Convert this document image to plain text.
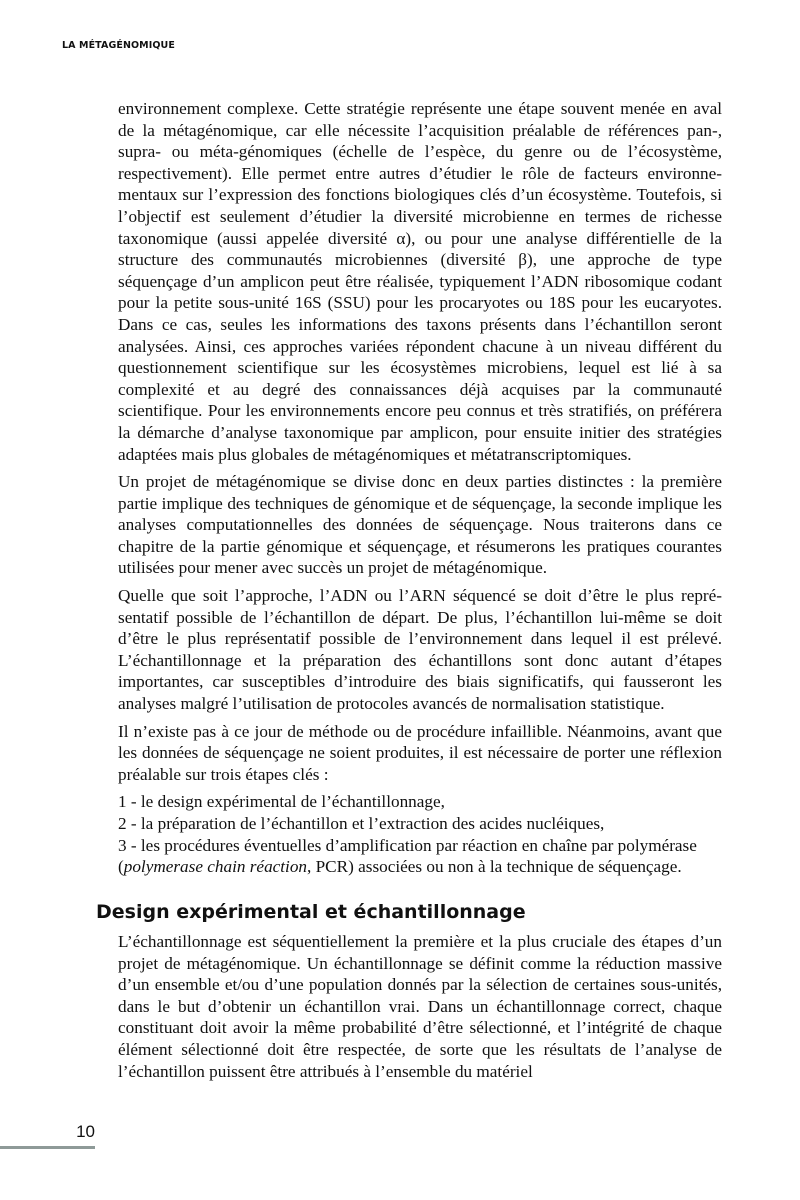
LA MÉTAGÉNOMIQUE

environnement complexe. Cette stratégie représente une étape souvent menée en aval de la métagénomique, car elle nécessite l’acquisition préalable de références pan-, supra- ou méta-génomiques (échelle de l’espèce, du genre ou de l’écosystème, respectivement). Elle permet entre autres d’étudier le rôle de facteurs environnementaux sur l’expression des fonctions biologiques clés d’un écosystème. Toutefois, si l’objectif est seulement d’étudier la diversité microbienne en termes de richesse taxonomique (aussi appelée diversité α), ou pour une analyse différentielle de la structure des communautés microbiennes (diversité β), une approche de type séquençage d’un amplicon peut être réalisée, typiquement l’ADN ribosomique codant pour la petite sous-unité 16S (SSU) pour les procaryotes ou 18S pour les eucaryotes. Dans ce cas, seules les informations des taxons présents dans l’échantillon seront analysées. Ainsi, ces approches variées répondent chacune à un niveau différent du questionnement scientifique sur les écosystèmes microbiens, lequel est lié à sa complexité et au degré des connaissances déjà acquises par la communauté scientifique. Pour les environnements encore peu connus et très stratifiés, on préférera la démarche d’analyse taxonomique par amplicon, pour ensuite initier des stratégies adaptées mais plus globales de métagénomiques et métatranscriptomiques.

Un projet de métagénomique se divise donc en deux parties distinctes : la première partie implique des techniques de génomique et de séquençage, la seconde implique les analyses computationnelles des données de séquençage. Nous traiterons dans ce chapitre de la partie génomique et séquençage, et résumerons les pratiques courantes utilisées pour mener avec succès un projet de métagénomique.

Quelle que soit l’approche, l’ADN ou l’ARN séquencé se doit d’être le plus représentatif possible de l’échantillon de départ. De plus, l’échantillon lui-même se doit d’être le plus représentatif possible de l’environnement dans lequel il est prélevé. L’échantillonnage et la préparation des échantillons sont donc autant d’étapes importantes, car susceptibles d’introduire des biais significatifs, qui fausseront les analyses malgré l’utilisation de protocoles avancés de normalisation statistique.

Il n’existe pas à ce jour de méthode ou de procédure infaillible. Néanmoins, avant que les données de séquençage ne soient produites, il est nécessaire de porter une réflexion préalable sur trois étapes clés :

1 - le design expérimental de l’échantillonnage,

2 - la préparation de l’échantillon et l’extraction des acides nucléiques,

3 - les procédures éventuelles d’amplification par réaction en chaîne par polymérase

(polymerase chain réaction, PCR) associées ou non à la technique de séquençage.

Design expérimental et échantillonnage

L’échantillonnage est séquentiellement la première et la plus cruciale des étapes d’un projet de métagénomique. Un échantillonnage se définit comme la réduction massive d’un ensemble et/ou d’une population donnés par la sélection de certaines sous-unités, dans le but d’obtenir un échantillon vrai. Dans un échantillonnage correct, chaque constituant doit avoir la même probabilité d’être sélectionné, et l’intégrité de chaque élément sélectionné doit être respectée, de sorte que les résultats de l’analyse de l’échantillon puissent être attribués à l’ensemble du matériel

10
